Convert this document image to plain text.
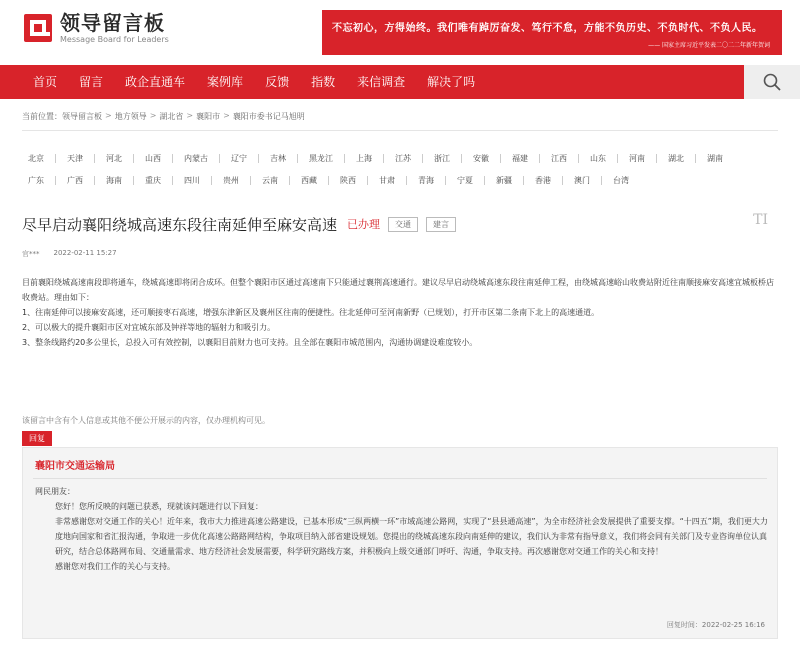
领导留言板
Message Board for Leaders
不忘初心，方得始终。我们唯有踔厉奋发、笃行不怠，方能不负历史、不负时代、不负人民。
—— 国家主席习近平发表二〇二二年新年贺词
首页	留言	政企直通车	案例库	反馈	指数	来信调查	解决了吗
当前位置： 领导留言板 > 地方领导 > 湖北省 > 襄阳市 > 襄阳市委书记马旭明
北京	天津	河北	山西	内蒙古	辽宁	吉林	黑龙江	上海	江苏	浙江	安徽	福建	江西	山东	河南	湖北	湖南
广东	广西	海南	重庆	四川	贵州	云南	西藏	陕西	甘肃	青海	宁夏	新疆	香港	澳门	台湾
尽早启动襄阳绕城高速东段往南延伸至麻安高速 已办理	交通	建言	TI
官*** 2022-02-11 15:27

目前襄阳绕城高速南段即将通车，绕城高速即将闭合成环。但整个襄阳市区通过高速南下只能通过襄荆高速通行。建议尽早启动绕城高速东段往南延伸工程，由绕城高速峪山收费站附近往南顺接麻安高速宜城板桥店收费站。理由如下：

1、往南延伸可以接麻安高速，还可顺接枣石高速，增强东津新区及襄州区往南的便捷性。往北延伸可至河南新野（已规划），打开市区第二条南下北上的高速通道。

2、可以极大的提升襄阳市区对宜城东部及钟祥等地的辐射力和吸引力。

3、整条线路约20多公里长，总投入可有效控制，以襄阳目前财力也可支持。且全部在襄阳市城范围内，沟通协调建设难度较小。

该留言中含有个人信息或其他不便公开展示的内容，仅办理机构可见。
回复
襄阳市交通运输局

网民朋友：

您好！您所反映的问题已获悉，现就该问题进行以下回复：

非常感谢您对交通工作的关心！近年来，我市大力推进高速公路建设，已基本形成“三纵两横一环”市域高速公路网，实现了“县县通高速”，为全市经济社会发展提供了重要支撑。“十四五”期，我们更大力度地向国家和省汇报沟通，争取进一步优化高速公路路网结构，争取项目纳入部省建设规划。您提出的绕城高速东段向南延伸的建议，我们认为非常有指导意义，我们将会同有关部门及专业咨询单位认真研究，结合总体路网布局、交通量需求、地方经济社会发展需要，科学研究路线方案，并积极向上级交通部门呼吁、沟通，争取支持。再次感谢您对交通工作的关心和支持！

感谢您对我们工作的关心与支持。

回复时间：2022-02-25 16:16
